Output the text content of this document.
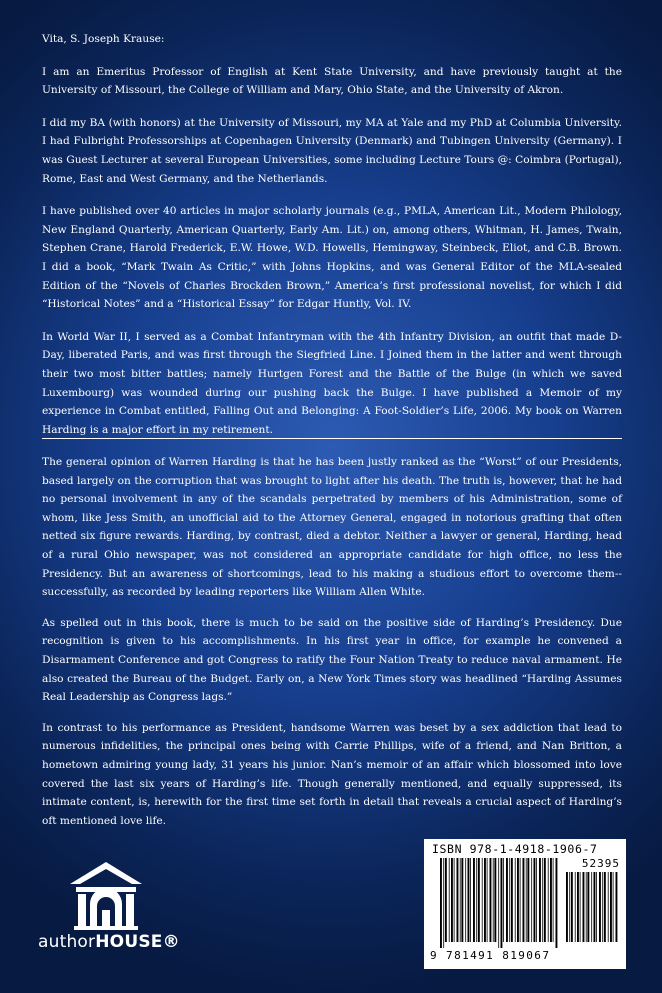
Vita, S. Joseph Krause:

I am an Emeritus Professor of English at Kent State University, and have previously taught at the University of Missouri, the College of William and Mary, Ohio State, and the University of Akron.

I did my BA (with honors) at the University of Missouri, my MA at Yale and my PhD at Columbia University. I had Fulbright Professorships at Copenhagen University (Denmark) and Tubingen University (Germany). I was Guest Lecturer at several European Universities, some including Lecture Tours @: Coimbra (Portugal), Rome, East and West Germany, and the Netherlands.

I have published over 40 articles in major scholarly journals (e.g., PMLA, American Lit., Modern Philology, New England Quarterly, American Quarterly, Early Am. Lit.) on, among others, Whitman, H. James, Twain, Stephen Crane, Harold Frederick, E.W. Howe, W.D. Howells, Hemingway, Steinbeck, Eliot, and C.B. Brown. I did a book, “Mark Twain As Critic,” with Johns Hopkins, and was General Editor of the MLA-sealed Edition of the “Novels of Charles Brockden Brown,” America’s first professional novelist, for which I did “Historical Notes” and a “Historical Essay” for Edgar Huntly, Vol. IV.

In World War II, I served as a Combat Infantryman with the 4th Infantry Division, an outfit that made D-Day, liberated Paris, and was first through the Siegfried Line. I Joined them in the latter and went through their two most bitter battles; namely Hurtgen Forest and the Battle of the Bulge (in which we saved Luxembourg) was wounded during our pushing back the Bulge. I have published a Memoir of my experience in Combat entitled, Falling Out and Belonging: A Foot-Soldier’s Life, 2006. My book on Warren Harding is a major effort in my retirement.

The general opinion of Warren Harding is that he has been justly ranked as the “Worst” of our Presidents, based largely on the corruption that was brought to light after his death. The truth is, however, that he had no personal involvement in any of the scandals perpetrated by members of his Administration, some of whom, like Jess Smith, an unofficial aid to the Attorney General, engaged in notorious grafting that often netted six figure rewards. Harding, by contrast, died a debtor. Neither a lawyer or general, Harding, head of a rural Ohio newspaper, was not considered an appropriate candidate for high office, no less the Presidency. But an awareness of shortcomings, lead to his making a studious effort to overcome them--successfully, as recorded by leading reporters like William Allen White.

As spelled out in this book, there is much to be said on the positive side of Harding’s Presidency. Due recognition is given to his accomplishments. In his first year in office, for example he convened a Disarmament Conference and got Congress to ratify the Four Nation Treaty to reduce naval armament. He also created the Bureau of the Budget. Early on, a New York Times story was headlined “Harding Assumes Real Leadership as Congress lags.”

In contrast to his performance as President, handsome Warren was beset by a sex addiction that lead to numerous infidelities, the principal ones being with Carrie Phillips, wife of a friend, and Nan Britton, a hometown admiring young lady, 31 years his junior. Nan’s memoir of an affair which blossomed into love covered the last six years of Harding’s life. Though generally mentioned, and equally suppressed, its intimate content, is, herewith for the first time set forth in detail that reveals a crucial aspect of Harding’s oft mentioned love life.

authorHOUSE®
ISBN 978-1-4918-1906-7
52395
9 781491 819067
